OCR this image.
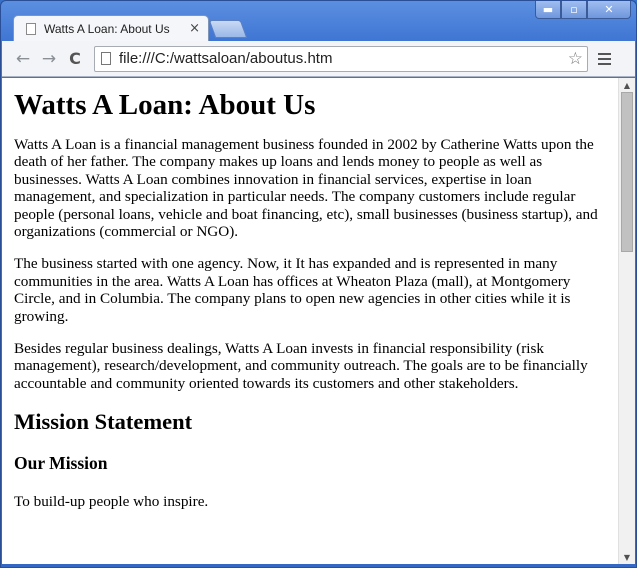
▬	▫	✕
Watts A Loan: About Us	×
← → C
file:///C:/wattsaloan/aboutus.htm	☆
Watts A Loan: About Us

Watts A Loan is a financial management business founded in 2002 by Catherine Watts upon the death of her father. The company makes up loans and lends money to people as well as businesses. Watts A Loan combines innovation in financial services, expertise in loan management, and specialization in particular needs. The company customers include regular people (personal loans, vehicle and boat financing, etc), small businesses (business startup), and organizations (commercial or NGO).

The business started with one agency. Now, it It has expanded and is represented in many communities in the area. Watts A Loan has offices at Wheaton Plaza (mall), at Montgomery Circle, and in Columbia. The company plans to open new agencies in other cities while it is growing.

Besides regular business dealings, Watts A Loan invests in financial responsibility (risk management), research/development, and community outreach. The goals are to be financially accountable and community oriented towards its customers and other stakeholders.

Mission Statement
Our Mission

To build-up people who inspire.

▲
▼
